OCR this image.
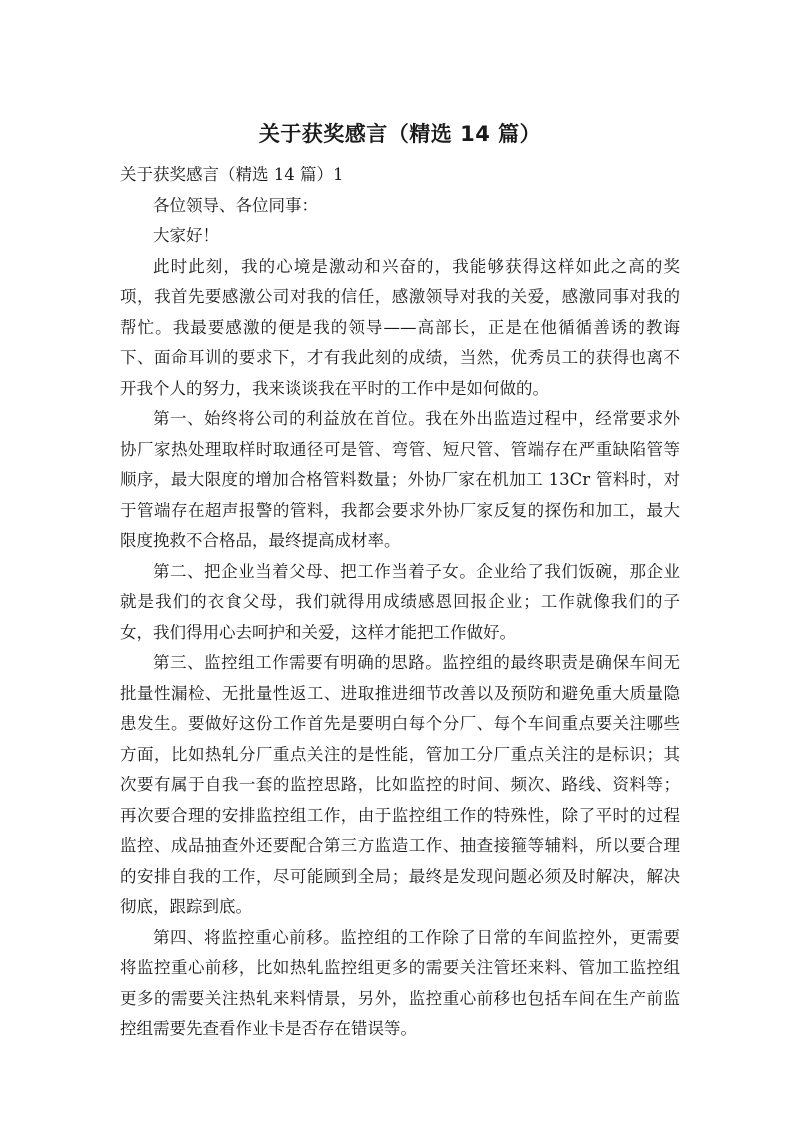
关于获奖感言（精选 14 篇）

关于获奖感言（精选 14 篇）1

各位领导、各位同事：

大家好！

此时此刻，我的心境是激动和兴奋的，我能够获得这样如此之高的奖项，我首先要感激公司对我的信任，感激领导对我的关爱，感激同事对我的帮忙。我最要感激的便是我的领导——高部长，正是在他循循善诱的教诲下、面命耳训的要求下，才有我此刻的成绩，当然，优秀员工的获得也离不开我个人的努力，我来谈谈我在平时的工作中是如何做的。

第一、始终将公司的利益放在首位。我在外出监造过程中，经常要求外协厂家热处理取样时取通径可是管、弯管、短尺管、管端存在严重缺陷管等顺序，最大限度的增加合格管料数量；外协厂家在机加工 13Cr 管料时，对于管端存在超声报警的管料，我都会要求外协厂家反复的探伤和加工，最大限度挽救不合格品，最终提高成材率。

第二、把企业当着父母、把工作当着子女。企业给了我们饭碗，那企业就是我们的衣食父母，我们就得用成绩感恩回报企业；工作就像我们的子女，我们得用心去呵护和关爱，这样才能把工作做好。

第三、监控组工作需要有明确的思路。监控组的最终职责是确保车间无批量性漏检、无批量性返工、进取推进细节改善以及预防和避免重大质量隐患发生。要做好这份工作首先是要明白每个分厂、每个车间重点要关注哪些方面，比如热轧分厂重点关注的是性能，管加工分厂重点关注的是标识；其次要有属于自我一套的监控思路，比如监控的时间、频次、路线、资料等；再次要合理的安排监控组工作，由于监控组工作的特殊性，除了平时的过程监控、成品抽查外还要配合第三方监造工作、抽查接箍等辅料，所以要合理的安排自我的工作，尽可能顾到全局；最终是发现问题必须及时解决，解决彻底，跟踪到底。

第四、将监控重心前移。监控组的工作除了日常的车间监控外，更需要将监控重心前移，比如热轧监控组更多的需要关注管坯来料、管加工监控组更多的需要关注热轧来料情景，另外，监控重心前移也包括车间在生产前监控组需要先查看作业卡是否存在错误等。
